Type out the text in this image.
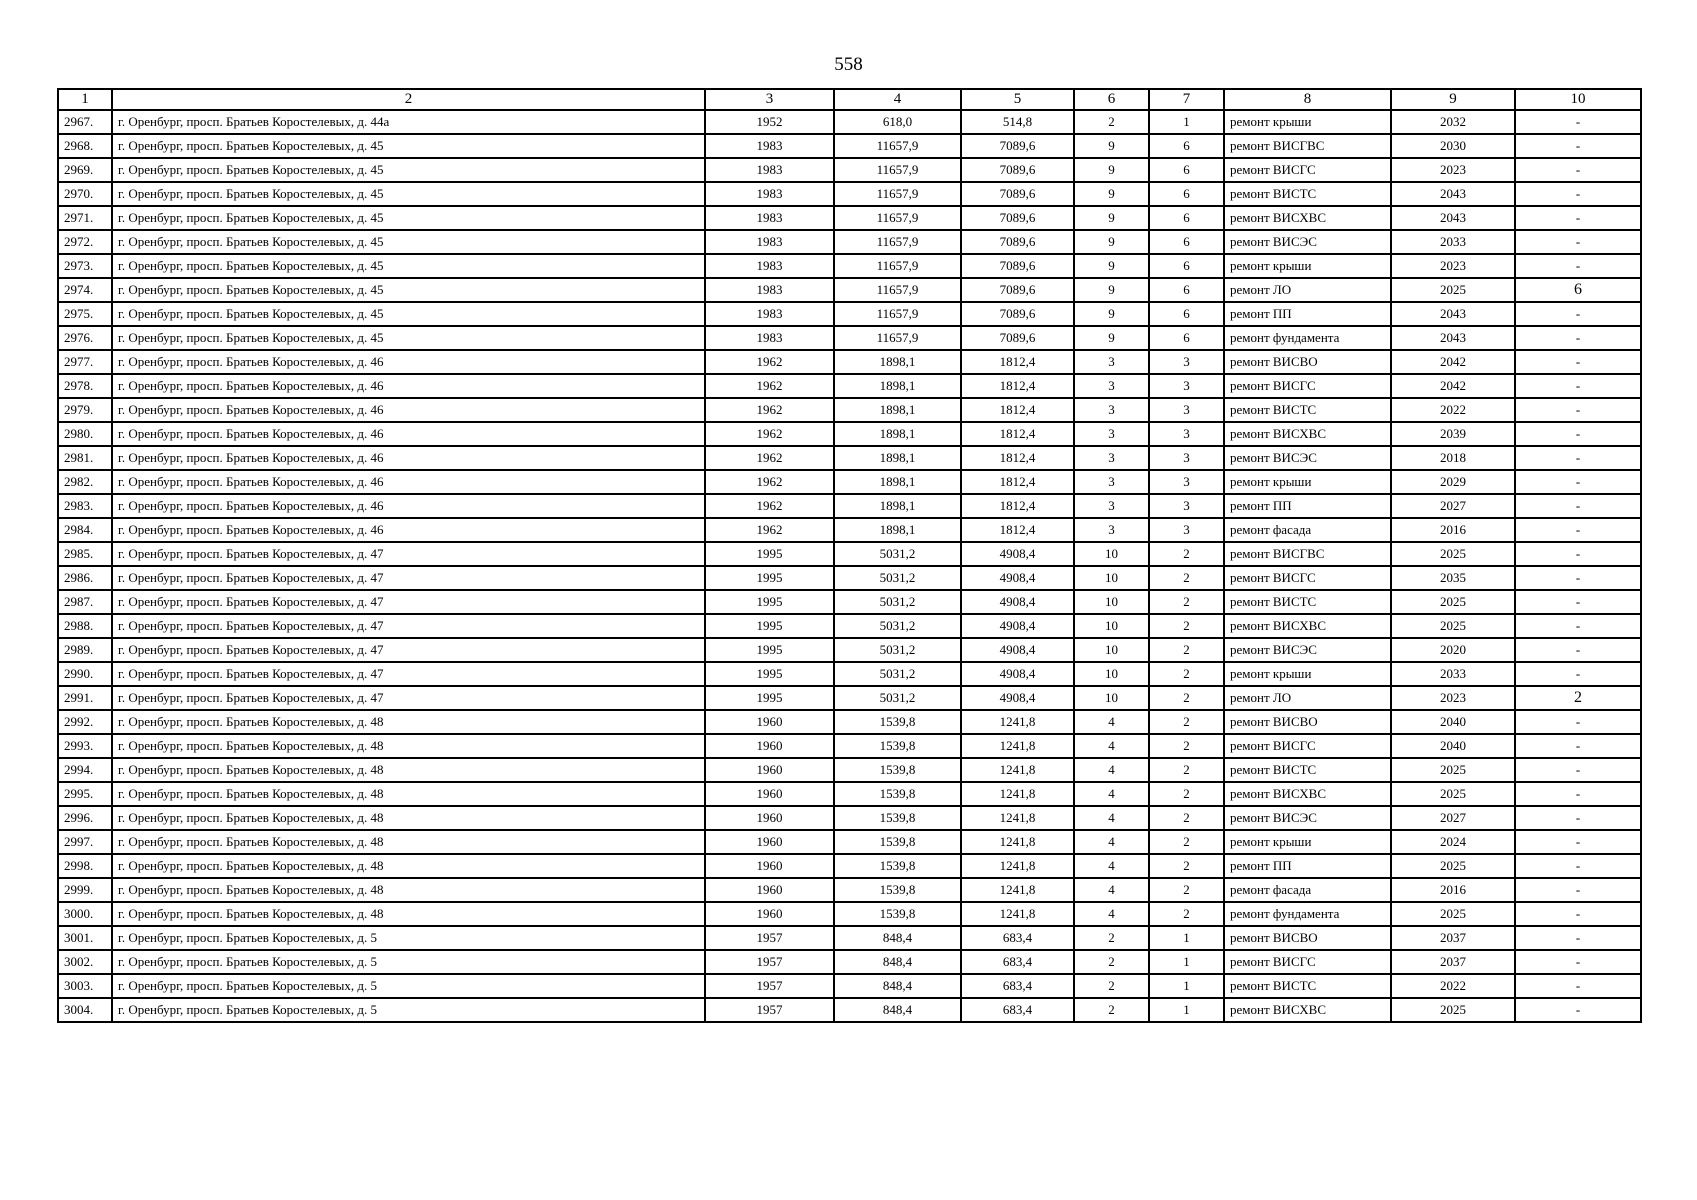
558
1	2	3	4	5	6	7	8	9	10
2967.	г. Оренбург, просп. Братьев Коростелевых, д. 44а	1952	618,0	514,8	2	1	ремонт крыши	2032	-
2968.	г. Оренбург, просп. Братьев Коростелевых, д. 45	1983	11657,9	7089,6	9	6	ремонт ВИСГВС	2030	-
2969.	г. Оренбург, просп. Братьев Коростелевых, д. 45	1983	11657,9	7089,6	9	6	ремонт ВИСГС	2023	-
2970.	г. Оренбург, просп. Братьев Коростелевых, д. 45	1983	11657,9	7089,6	9	6	ремонт ВИСТС	2043	-
2971.	г. Оренбург, просп. Братьев Коростелевых, д. 45	1983	11657,9	7089,6	9	6	ремонт ВИСХВС	2043	-
2972.	г. Оренбург, просп. Братьев Коростелевых, д. 45	1983	11657,9	7089,6	9	6	ремонт ВИСЭС	2033	-
2973.	г. Оренбург, просп. Братьев Коростелевых, д. 45	1983	11657,9	7089,6	9	6	ремонт крыши	2023	-
2974.	г. Оренбург, просп. Братьев Коростелевых, д. 45	1983	11657,9	7089,6	9	6	ремонт ЛО	2025	6
2975.	г. Оренбург, просп. Братьев Коростелевых, д. 45	1983	11657,9	7089,6	9	6	ремонт ПП	2043	-
2976.	г. Оренбург, просп. Братьев Коростелевых, д. 45	1983	11657,9	7089,6	9	6	ремонт фундамента	2043	-
2977.	г. Оренбург, просп. Братьев Коростелевых, д. 46	1962	1898,1	1812,4	3	3	ремонт ВИСВО	2042	-
2978.	г. Оренбург, просп. Братьев Коростелевых, д. 46	1962	1898,1	1812,4	3	3	ремонт ВИСГС	2042	-
2979.	г. Оренбург, просп. Братьев Коростелевых, д. 46	1962	1898,1	1812,4	3	3	ремонт ВИСТС	2022	-
2980.	г. Оренбург, просп. Братьев Коростелевых, д. 46	1962	1898,1	1812,4	3	3	ремонт ВИСХВС	2039	-
2981.	г. Оренбург, просп. Братьев Коростелевых, д. 46	1962	1898,1	1812,4	3	3	ремонт ВИСЭС	2018	-
2982.	г. Оренбург, просп. Братьев Коростелевых, д. 46	1962	1898,1	1812,4	3	3	ремонт крыши	2029	-
2983.	г. Оренбург, просп. Братьев Коростелевых, д. 46	1962	1898,1	1812,4	3	3	ремонт ПП	2027	-
2984.	г. Оренбург, просп. Братьев Коростелевых, д. 46	1962	1898,1	1812,4	3	3	ремонт фасада	2016	-
2985.	г. Оренбург, просп. Братьев Коростелевых, д. 47	1995	5031,2	4908,4	10	2	ремонт ВИСГВС	2025	-
2986.	г. Оренбург, просп. Братьев Коростелевых, д. 47	1995	5031,2	4908,4	10	2	ремонт ВИСГС	2035	-
2987.	г. Оренбург, просп. Братьев Коростелевых, д. 47	1995	5031,2	4908,4	10	2	ремонт ВИСТС	2025	-
2988.	г. Оренбург, просп. Братьев Коростелевых, д. 47	1995	5031,2	4908,4	10	2	ремонт ВИСХВС	2025	-
2989.	г. Оренбург, просп. Братьев Коростелевых, д. 47	1995	5031,2	4908,4	10	2	ремонт ВИСЭС	2020	-
2990.	г. Оренбург, просп. Братьев Коростелевых, д. 47	1995	5031,2	4908,4	10	2	ремонт крыши	2033	-
2991.	г. Оренбург, просп. Братьев Коростелевых, д. 47	1995	5031,2	4908,4	10	2	ремонт ЛО	2023	2
2992.	г. Оренбург, просп. Братьев Коростелевых, д. 48	1960	1539,8	1241,8	4	2	ремонт ВИСВО	2040	-
2993.	г. Оренбург, просп. Братьев Коростелевых, д. 48	1960	1539,8	1241,8	4	2	ремонт ВИСГС	2040	-
2994.	г. Оренбург, просп. Братьев Коростелевых, д. 48	1960	1539,8	1241,8	4	2	ремонт ВИСТС	2025	-
2995.	г. Оренбург, просп. Братьев Коростелевых, д. 48	1960	1539,8	1241,8	4	2	ремонт ВИСХВС	2025	-
2996.	г. Оренбург, просп. Братьев Коростелевых, д. 48	1960	1539,8	1241,8	4	2	ремонт ВИСЭС	2027	-
2997.	г. Оренбург, просп. Братьев Коростелевых, д. 48	1960	1539,8	1241,8	4	2	ремонт крыши	2024	-
2998.	г. Оренбург, просп. Братьев Коростелевых, д. 48	1960	1539,8	1241,8	4	2	ремонт ПП	2025	-
2999.	г. Оренбург, просп. Братьев Коростелевых, д. 48	1960	1539,8	1241,8	4	2	ремонт фасада	2016	-
3000.	г. Оренбург, просп. Братьев Коростелевых, д. 48	1960	1539,8	1241,8	4	2	ремонт фундамента	2025	-
3001.	г. Оренбург, просп. Братьев Коростелевых, д. 5	1957	848,4	683,4	2	1	ремонт ВИСВО	2037	-
3002.	г. Оренбург, просп. Братьев Коростелевых, д. 5	1957	848,4	683,4	2	1	ремонт ВИСГС	2037	-
3003.	г. Оренбург, просп. Братьев Коростелевых, д. 5	1957	848,4	683,4	2	1	ремонт ВИСТС	2022	-
3004.	г. Оренбург, просп. Братьев Коростелевых, д. 5	1957	848,4	683,4	2	1	ремонт ВИСХВС	2025	-
